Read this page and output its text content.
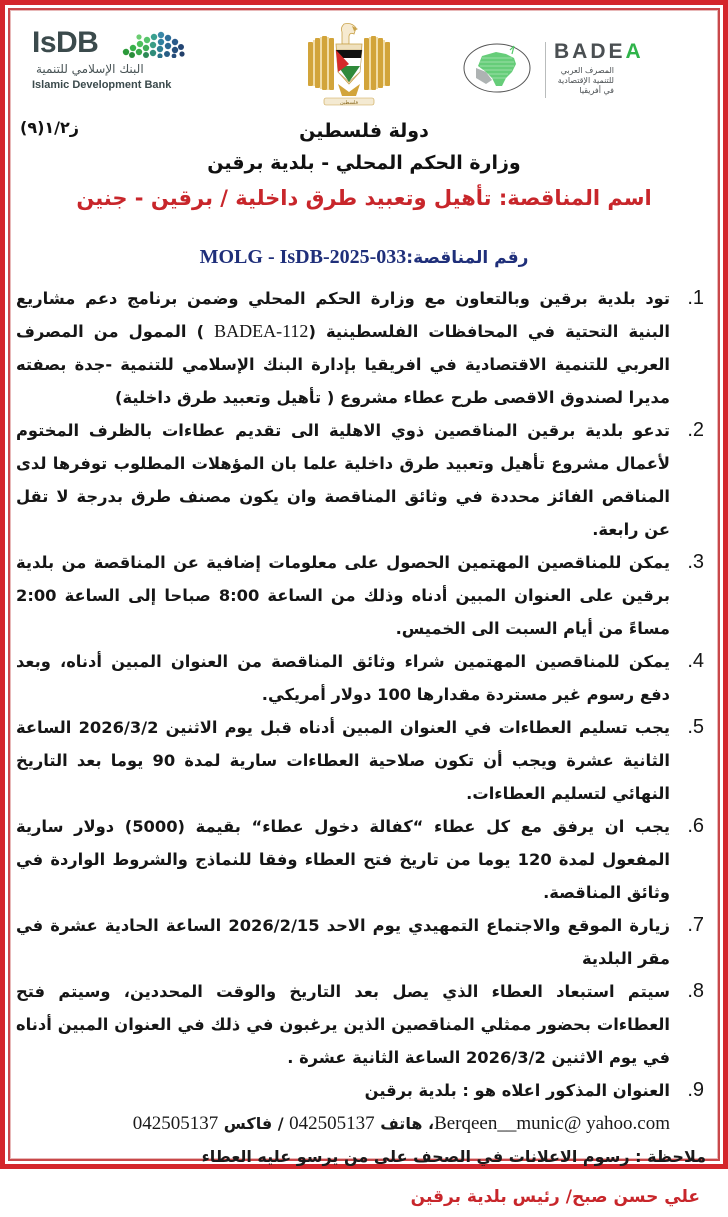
IsDB
البنك الإسلامي للتنمية
Islamic Development Bank
فلسطين
BADEA
المصرف العربي
للتنمية الإقتصادية
في أفريقيا
ز١/٢(٩)	دولة فلسطين
وزارة الحكم المحلي - بلدية برقين
اسم المناقصة: تأهيل وتعبيد طرق داخلية / برقين - جنين
رقم المناقصة:MOLG - IsDB-2025-033
1.
تود بلدية برقين وبالتعاون مع وزارة الحكم المحلي وضمن برنامج دعم مشاريع البنية التحتية في المحافظات الفلسطينية (BADEA-112 ) الممول من المصرف العربي للتنمية الاقتصادية في افريقيا بإدارة البنك الإسلامي للتنمية -جدة بصفته مديرا لصندوق الاقصى طرح عطاء مشروع ( تأهيل وتعبيد طرق داخلية)
2.
تدعو بلدية برقين المناقصين ذوي الاهلية الى تقديم عطاءات بالظرف المختوم لأعمال مشروع تأهيل وتعبيد طرق داخلية علما بان المؤهلات المطلوب توفرها لدى المناقص الفائز محددة في وثائق المناقصة وان يكون مصنف طرق بدرجة لا تقل عن رابعة.
3.
يمكن للمناقصين المهتمين الحصول على معلومات إضافية عن المناقصة من بلدية برقين على العنوان المبين أدناه وذلك من الساعة 8:00 صباحا إلى الساعة 2:00 مساءً من أيام السبت الى الخميس.
4.
يمكن للمناقصين المهتمين شراء وثائق المناقصة من العنوان المبين أدناه، وبعد دفع رسوم غير مستردة مقدارها 100 دولار أمريكي.
5.
يجب تسليم العطاءات في العنوان المبين أدناه قبل يوم الاثنين 2026/3/2 الساعة الثانية عشرة ويجب أن تكون صلاحية العطاءات سارية لمدة 90 يوما بعد التاريخ النهائي لتسليم العطاءات.
6.
يجب ان يرفق مع كل عطاء “كفالة دخول عطاء“ بقيمة (5000) دولار سارية المفعول لمدة 120 يوما من تاريخ فتح العطاء وفقا للنماذج والشروط الواردة في وثائق المناقصة.
7.
زيارة الموقع والاجتماع التمهيدي يوم الاحد 2026/2/15 الساعة الحادية عشرة في مقر البلدية
8.
سيتم استبعاد العطاء الذي يصل بعد التاريخ والوقت المحددين، وسيتم فتح العطاءات بحضور ممثلي المناقصين الذين يرغبون في ذلك في العنوان المبين أدناه في يوم الاثنين 2026/3/2 الساعة الثانية عشرة .
9.
العنوان المذكور اعلاه هو : بلدية برقين
Berqeen__munic@ yahoo.com، هاتف 042505137 / فاكس 042505137
ملاحظة : رسوم الاعلانات في الصحف على من يرسو عليه العطاء
علي حسن صبح/ رئيس بلدية برقين
